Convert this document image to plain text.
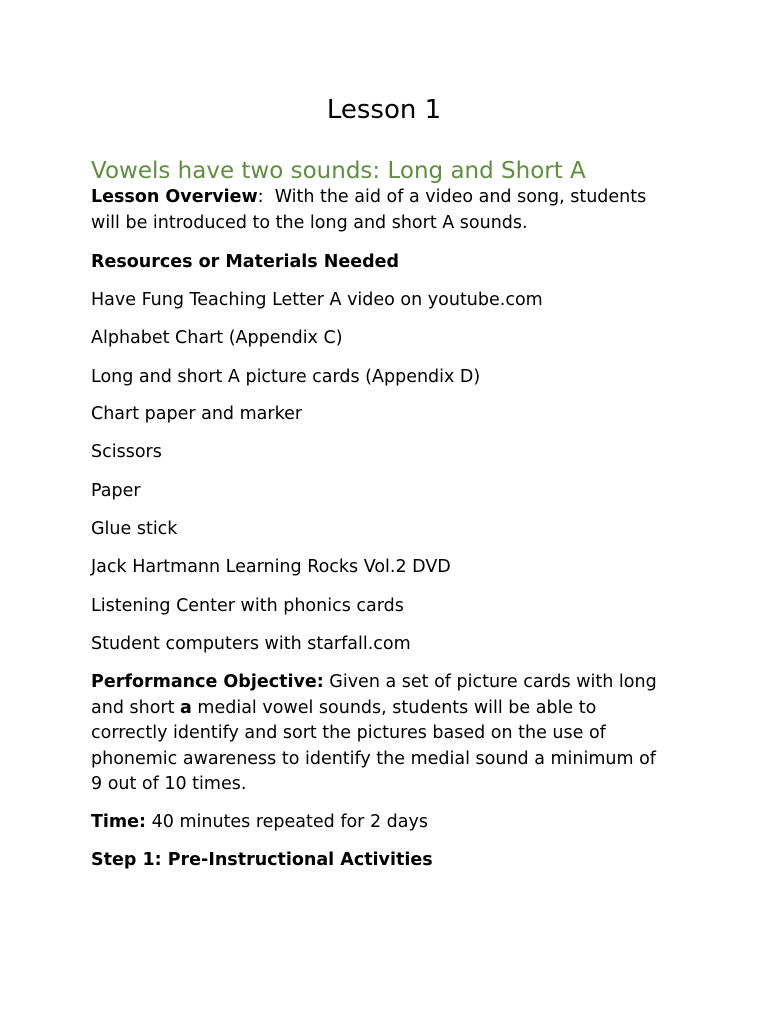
Lesson 1
Vowels have two sounds: Long and Short A
Lesson Overview:  With the aid of a video and song, students
will be introduced to the long and short A sounds.
Resources or Materials Needed
Have Fung Teaching Letter A video on youtube.com
Alphabet Chart (Appendix C)
Long and short A picture cards (Appendix D)
Chart paper and marker
Scissors
Paper
Glue stick
Jack Hartmann Learning Rocks Vol.2 DVD
Listening Center with phonics cards
Student computers with starfall.com
Performance Objective: Given a set of picture cards with long
and short a medial vowel sounds, students will be able to
correctly identify and sort the pictures based on the use of
phonemic awareness to identify the medial sound a minimum of
9 out of 10 times.
Time: 40 minutes repeated for 2 days
Step 1: Pre-Instructional Activities
